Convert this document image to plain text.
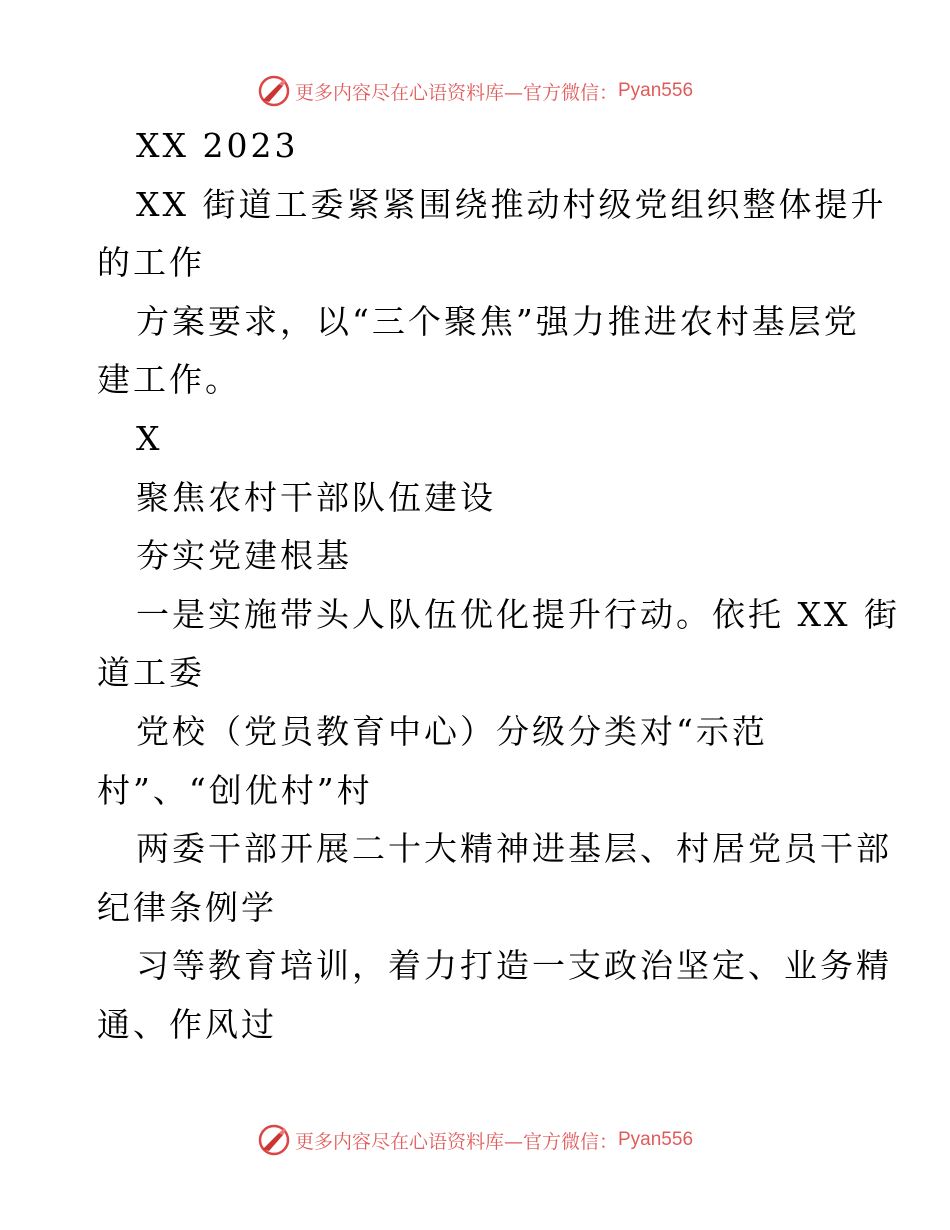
更多内容尽在心语资料库—官方微信： Pyan556
XX 2023
XX 街道工委紧紧围绕推动村级党组织整体提升
的工作
方案要求，以“三个聚焦”强力推进农村基层党
建工作。
X
聚焦农村干部队伍建设
夯实党建根基
一是实施带头人队伍优化提升行动。依托 XX 街
道工委
党校（党员教育中心）分级分类对“示范
村”、“创优村”村
两委干部开展二十大精神进基层、村居党员干部
纪律条例学
习等教育培训，着力打造一支政治坚定、业务精
通、作风过
更多内容尽在心语资料库—官方微信： Pyan556
